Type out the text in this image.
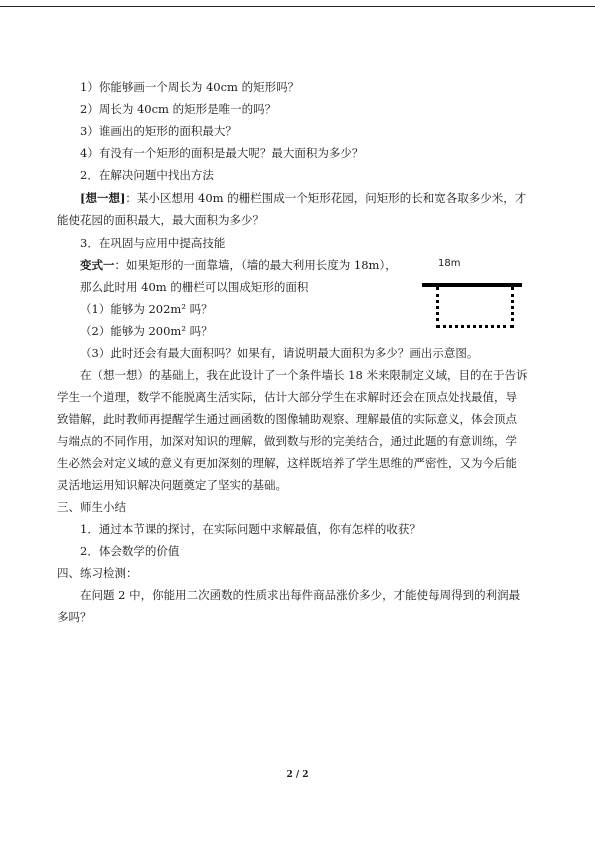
1）你能够画一个周长为 40cm 的矩形吗？
2）周长为 40cm 的矩形是唯一的吗？
3）谁画出的矩形的面积最大？
4）有没有一个矩形的面积是最大呢？最大面积为多少？
2．在解决问题中找出方法
[想一想]：某小区想用 40m 的栅栏围成一个矩形花园，问矩形的长和宽各取多少米，才
能使花园的面积最大，最大面积为多少？
3．在巩固与应用中提高技能
变式一：如果矩形的一面靠墙，（墙的最大利用长度为 18m），
那么此时用 40m 的栅栏可以围成矩形的面积
（1）能够为 202m² 吗？
（2）能够为 200m² 吗？
（3）此时还会有最大面积吗？如果有，请说明最大面积为多少？画出示意图。
18m
在（想一想）的基础上，我在此设计了一个条件墙长 18 米来限制定义域，目的在于告诉
学生一个道理，数学不能脱离生活实际，估计大部分学生在求解时还会在顶点处找最值，导
致错解，此时教师再提醒学生通过画函数的图像辅助观察、理解最值的实际意义，体会顶点
与端点的不同作用，加深对知识的理解，做到数与形的完美结合，通过此题的有意训练，学
生必然会对定义域的意义有更加深刻的理解，这样既培养了学生思维的严密性，又为今后能
灵活地运用知识解决问题奠定了坚实的基础。
三、师生小结
1．通过本节课的探讨，在实际问题中求解最值，你有怎样的收获？
2．体会数学的价值
四、练习检测：
在问题 2 中，你能用二次函数的性质求出每件商品涨价多少，才能使每周得到的利润最
多吗？
2 / 2
